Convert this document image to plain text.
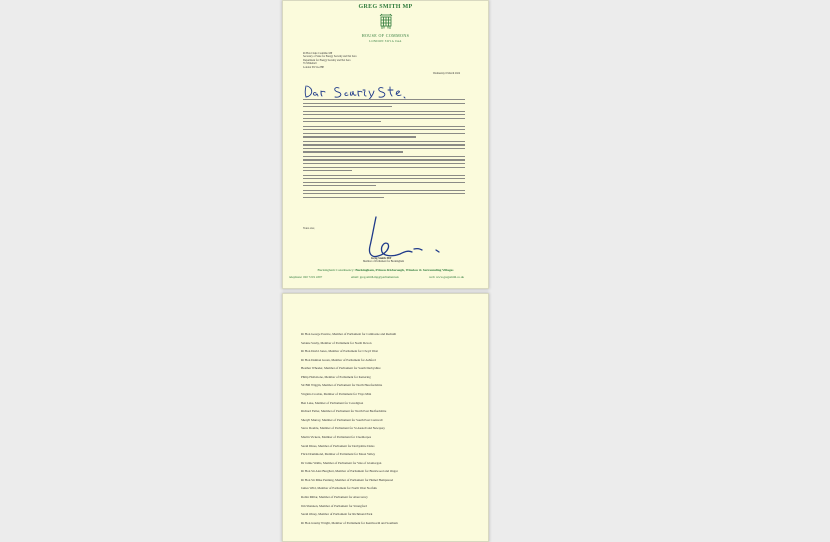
GREG SMITH MP
HOUSE OF COMMONS
LONDON SW1A 0AA
Rt Hon Claire Coutinho MP
Secretary of State for Energy Security and Net Zero
Department for Energy Security and Net Zero
55 Whitehall
London SW1A 2HP
Wednesday 6 March 2024
Yours ever,
Greg Smith MP
Member of Parliament for Buckingham
Buckingham Constituency: Buckingham, Princes Risborough, Winslow & Surrounding Villages
telephone: 020 7219 4397	email: greg.smith.mp@parliament.uk	web: www.gregsmith.co.uk
Rt Hon George Eustice, Member of Parliament for Camborne and Redruth
Selaine Saxby, Member of Parliament for North Devon
Rt Hon David Jones, Member of Parliament for Clwyd West
Rt Hon Damian Green, Member of Parliament for Ashford
Heather Wheeler, Member of Parliament for South Derbyshire
Philip Hollobone, Member of Parliament for Kettering
Sir Bill Wiggin, Member of Parliament for North Herefordshire
Virginia Crosbie, Member of Parliament for Ynys Môn
Ben Lake, Member of Parliament for Ceredigion
Richard Fuller, Member of Parliament for North East Bedfordshire
Sheryll Murray, Member of Parliament for South East Cornwall
Steve Double, Member of Parliament for St Austell and Newquay
Martin Vickers, Member of Parliament for Cleethorpes
Sarah Dines, Member of Parliament for Derbyshire Dales
Flick Drummond, Member of Parliament for Meon Valley
Dr Jamie Wallis, Member of Parliament for Vale of Glamorgan
Rt Hon Sir Alex Burghart, Member of Parliament for Brentwood and Ongar
Rt Hon Sir Mike Penning, Member of Parliament for Hemel Hempstead
James Wild, Member of Parliament for North West Norfolk
Robin Millar, Member of Parliament for Aberconwy
Jim Shannon, Member of Parliament for Strangford
Sarah Olney, Member of Parliament for Richmond Park
Rt Hon Jeremy Wright, Member of Parliament for Kenilworth and Southam
